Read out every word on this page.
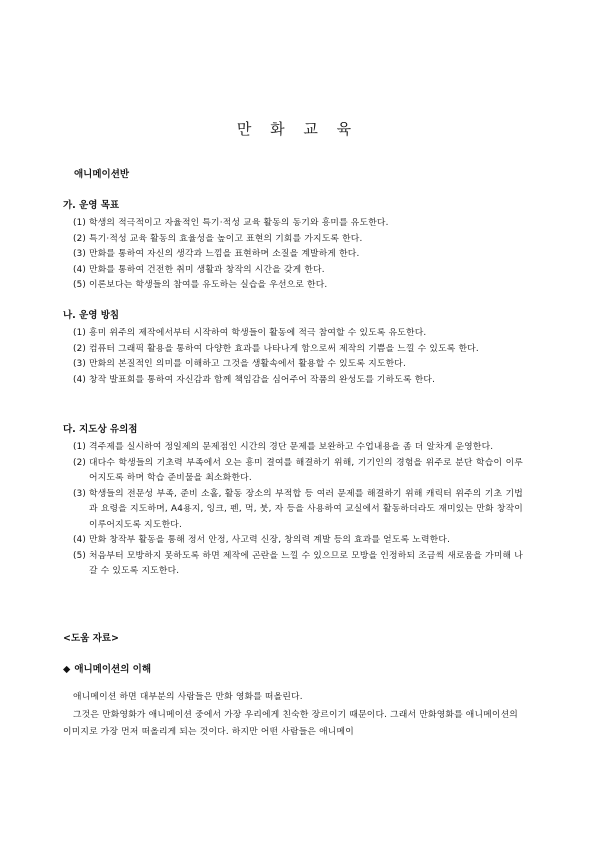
만 화 교 육
애니메이션반
가. 운영 목표
(1) 학생의 적극적이고 자율적인 특기·적성 교육 활동의 동기와 흥미를 유도한다.
(2) 특기·적성 교육 활동의 효율성을 높이고 표현의 기회를 가지도록 한다.
(3) 만화를 통하여 자신의 생각과 느낌을 표현하며 소질을 계발하게 한다.
(4) 만화를 통하여 건전한 취미 생활과 창작의 시간을 갖게 한다.
(5) 이론보다는 학생들의 참여를 유도하는 실습을 우선으로 한다.
나. 운영 방침
(1) 흥미 위주의 제작에서부터 시작하여 학생들이 활동에 적극 참여할 수 있도록 유도한다.
(2) 컴퓨터 그래픽 활용을 통하여 다양한 효과를 나타나게 함으로써 제작의 기쁨을 느낄 수 있도록 한다.
(3) 만화의 본질적인 의미를 이해하고 그것을 생활속에서 활용할 수 있도록 지도한다.
(4) 창작 발표회를 통하여 자신감과 함께 책임감을 심어주어 작품의 완성도를 기하도록 한다.
다. 지도상 유의점
(1) 격주제를 실시하여 정일제의 문제점인 시간의 경단 문제를 보완하고 수업내용을 좀 더 알차게 운영한다.
(2) 대다수 학생들의 기초력 부족에서 오는 흥미 결여를 해결하기 위해, 기기인의 경험을 위주로 분단 학습이 이루어지도록 하며 학습 준비물을 최소화한다.
(3) 학생들의 전문성 부족, 준비 소홀, 활동 장소의 부적합 등 여러 문제를 해결하기 위해 캐릭터 위주의 기초 기법과 요령을 지도하며, A4용지, 잉크, 펜, 먹, 붓, 자 등을 사용하여 교실에서 활동하더라도 재미있는 만화 창작이 이루어지도록 지도한다.
(4) 만화 창작부 활동을 통해 정서 안정, 사고력 신장, 창의력 계발 등의 효과를 얻도록 노력한다.
(5) 처음부터 모방하지 못하도록 하면 제작에 곤란을 느낄 수 있으므로 모방을 인정하되 조금씩 새로움을 가미해 나갈 수 있도록 지도한다.
<도움 자료>
◆ 애니메이션의 이해

애니메이션 하면 대부분의 사람들은 만화 영화를 떠올린다.

그것은 만화영화가 애니메이션 중에서 가장 우리에게 친숙한 장르이기 때문이다. 그래서 만화영화를 애니메이션의 이미지로 가장 먼저 떠올리게 되는 것이다. 하지만 어떤 사람들은 애니메이
